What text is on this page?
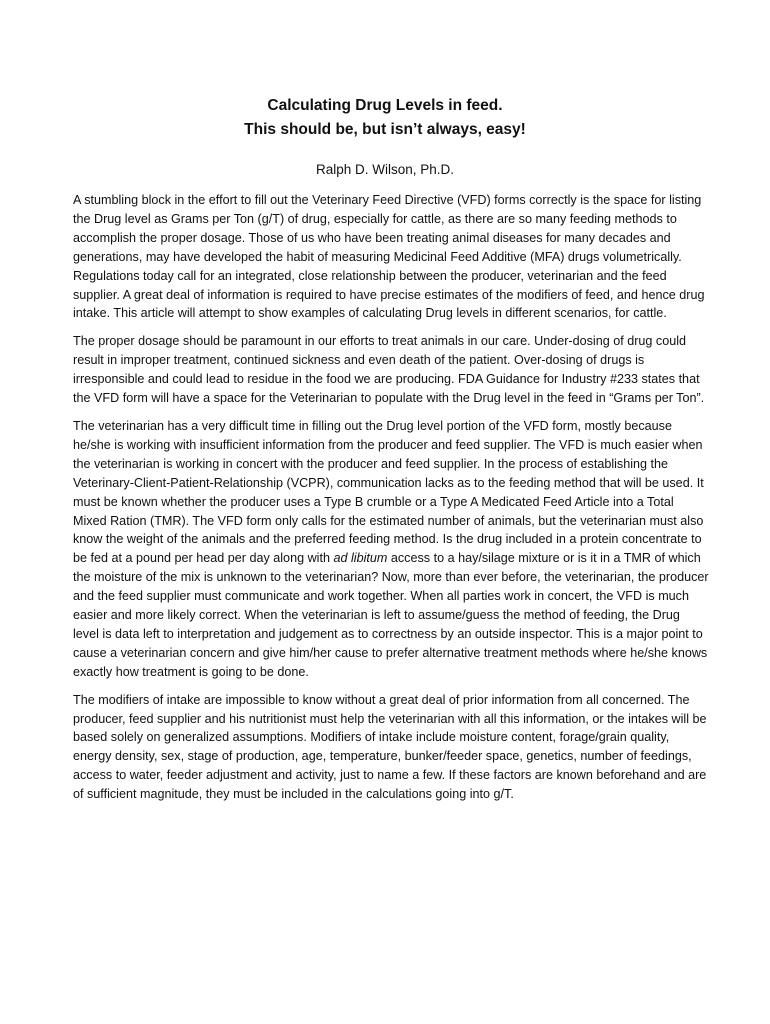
Calculating Drug Levels in feed.
This should be, but isn’t always, easy!
Ralph D. Wilson, Ph.D.

A stumbling block in the effort to fill out the Veterinary Feed Directive (VFD) forms correctly is the space for listing the Drug level as Grams per Ton (g/T) of drug, especially for cattle, as there are so many feeding methods to accomplish the proper dosage. Those of us who have been treating animal diseases for many decades and generations, may have developed the habit of measuring Medicinal Feed Additive (MFA) drugs volumetrically. Regulations today call for an integrated, close relationship between the producer, veterinarian and the feed supplier. A great deal of information is required to have precise estimates of the modifiers of feed, and hence drug intake. This article will attempt to show examples of calculating Drug levels in different scenarios, for cattle.

The proper dosage should be paramount in our efforts to treat animals in our care. Under-dosing of drug could result in improper treatment, continued sickness and even death of the patient. Over-dosing of drugs is irresponsible and could lead to residue in the food we are producing. FDA Guidance for Industry #233 states that the VFD form will have a space for the Veterinarian to populate with the Drug level in the feed in “Grams per Ton”.

The veterinarian has a very difficult time in filling out the Drug level portion of the VFD form, mostly because he/she is working with insufficient information from the producer and feed supplier. The VFD is much easier when the veterinarian is working in concert with the producer and feed supplier. In the process of establishing the Veterinary-Client-Patient-Relationship (VCPR), communication lacks as to the feeding method that will be used. It must be known whether the producer uses a Type B crumble or a Type A Medicated Feed Article into a Total Mixed Ration (TMR). The VFD form only calls for the estimated number of animals, but the veterinarian must also know the weight of the animals and the preferred feeding method. Is the drug included in a protein concentrate to be fed at a pound per head per day along with ad libitum access to a hay/silage mixture or is it in a TMR of which the moisture of the mix is unknown to the veterinarian? Now, more than ever before, the veterinarian, the producer and the feed supplier must communicate and work together. When all parties work in concert, the VFD is much easier and more likely correct. When the veterinarian is left to assume/guess the method of feeding, the Drug level is data left to interpretation and judgement as to correctness by an outside inspector. This is a major point to cause a veterinarian concern and give him/her cause to prefer alternative treatment methods where he/she knows exactly how treatment is going to be done.

The modifiers of intake are impossible to know without a great deal of prior information from all concerned. The producer, feed supplier and his nutritionist must help the veterinarian with all this information, or the intakes will be based solely on generalized assumptions. Modifiers of intake include moisture content, forage/grain quality, energy density, sex, stage of production, age, temperature, bunker/feeder space, genetics, number of feedings, access to water, feeder adjustment and activity, just to name a few. If these factors are known beforehand and are of sufficient magnitude, they must be included in the calculations going into g/T.
